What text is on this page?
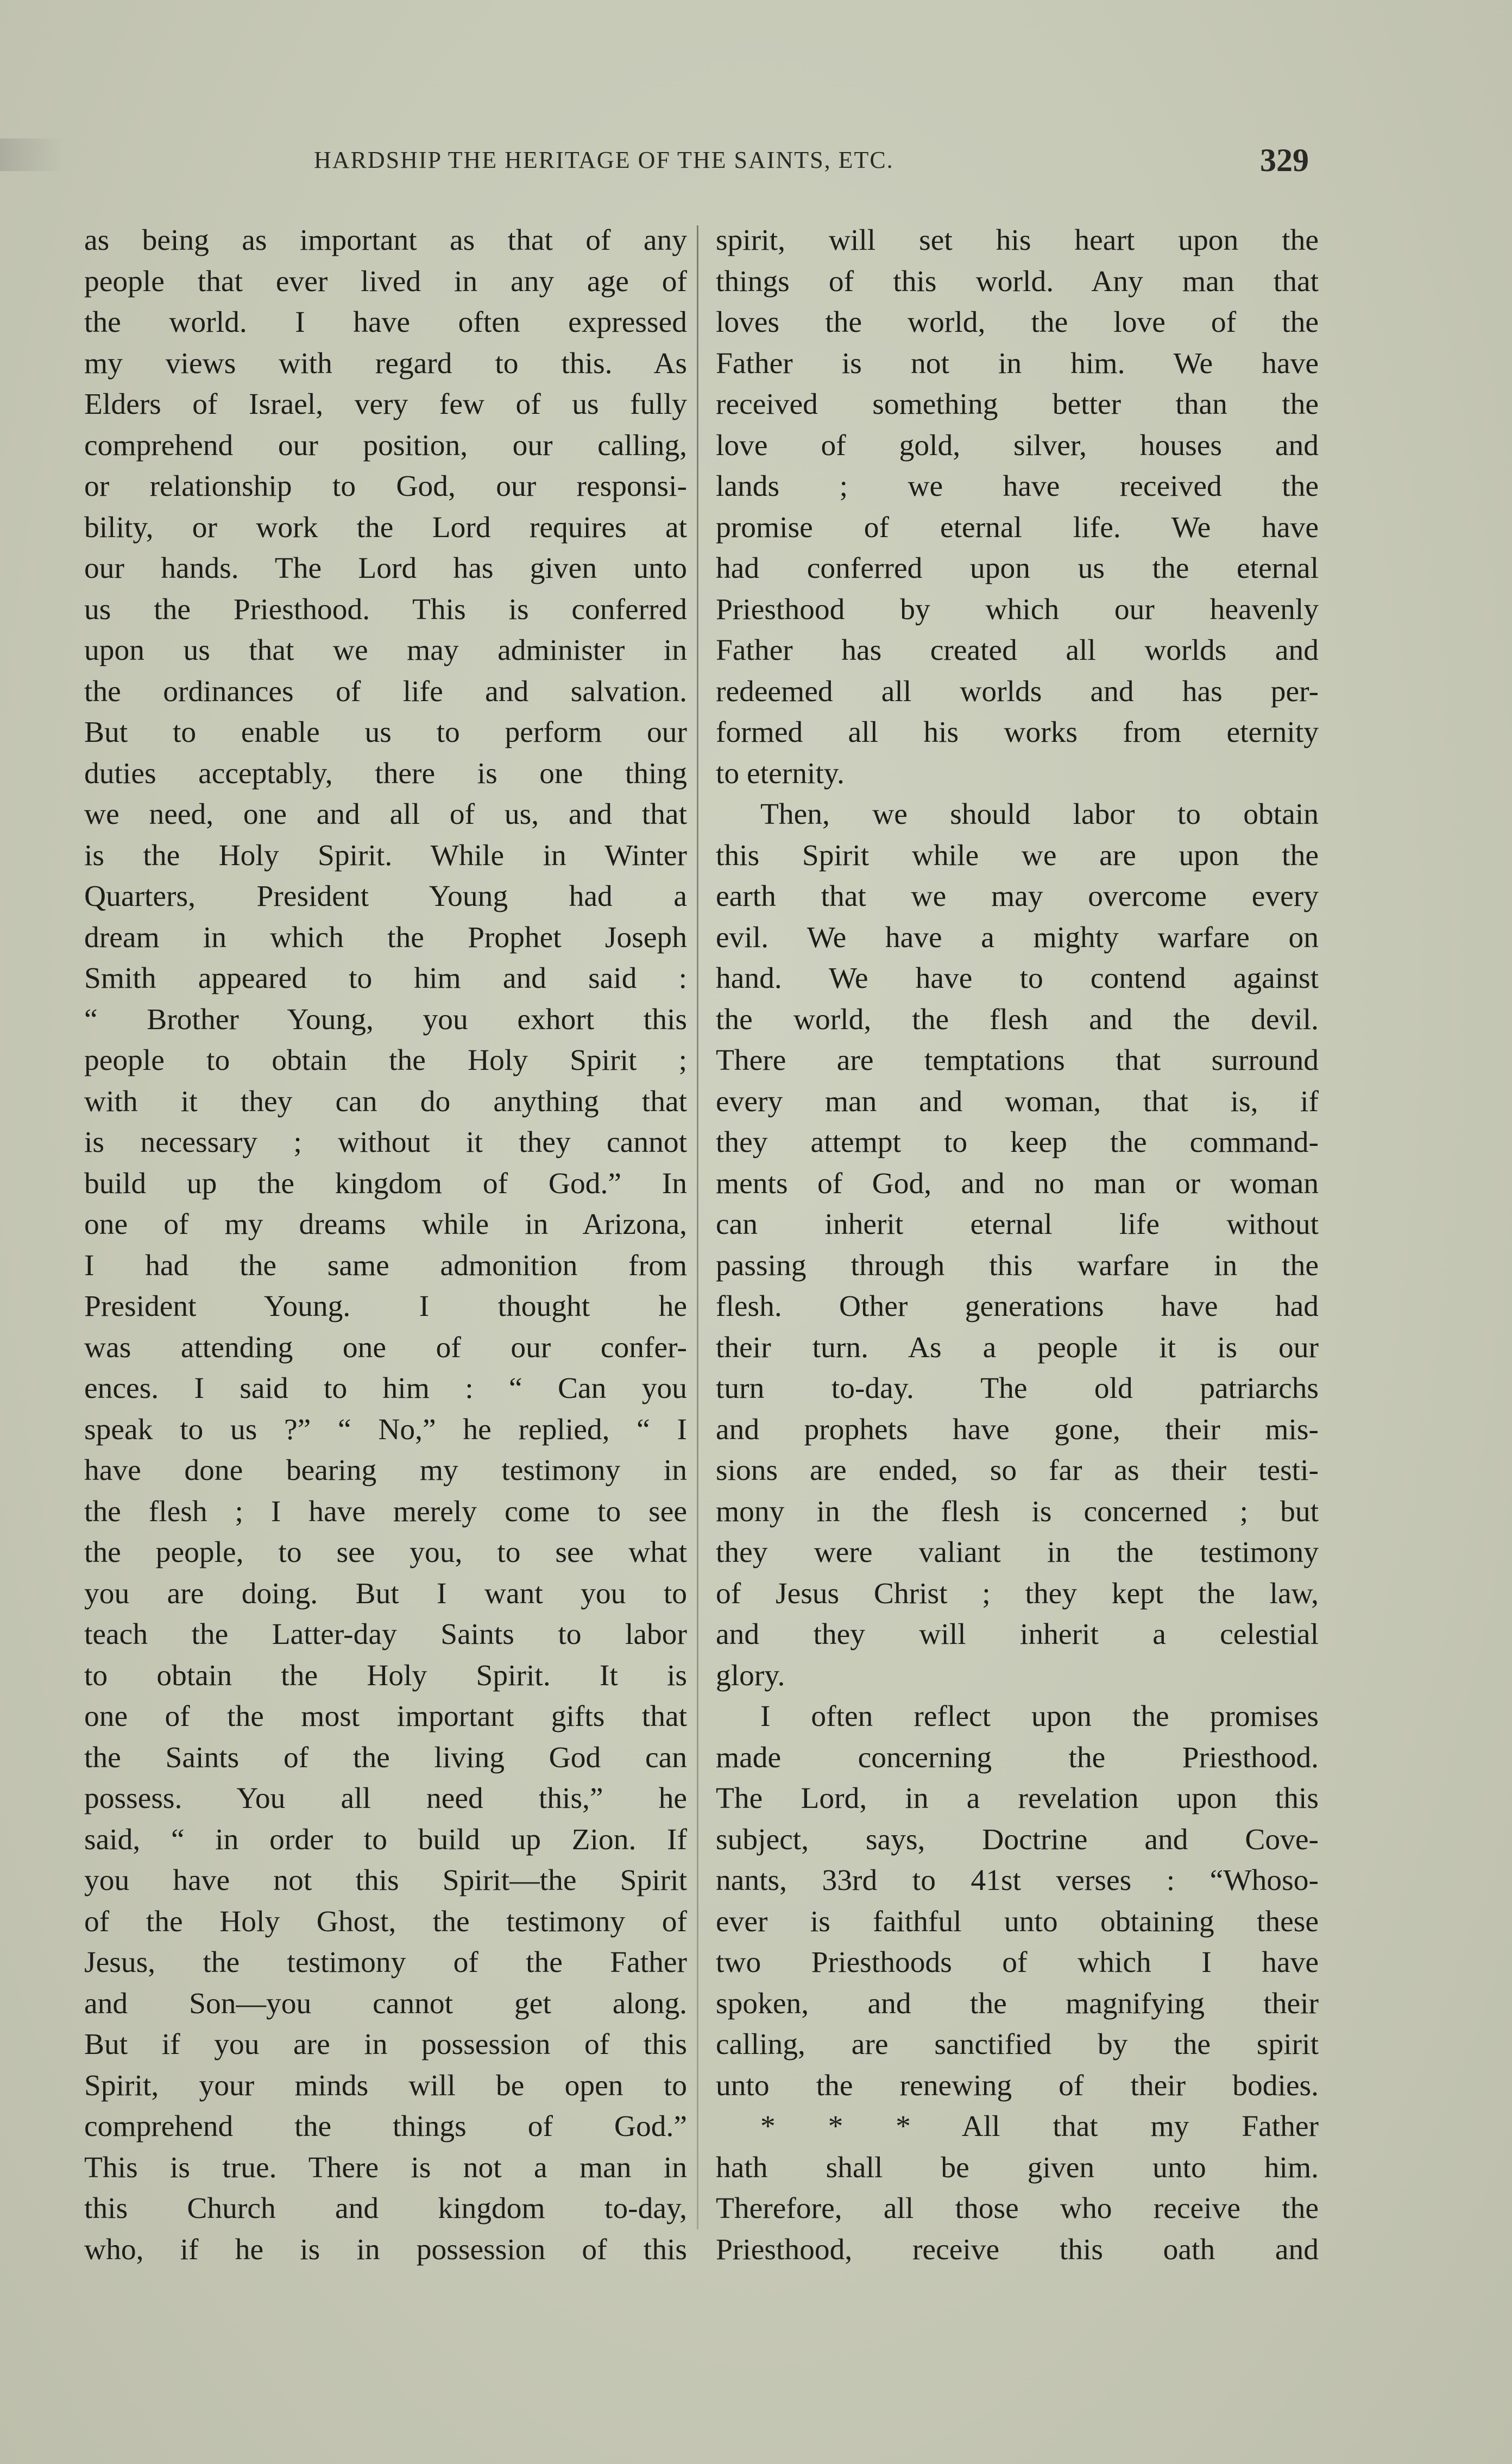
HARDSHIP THE HERITAGE OF THE SAINTS, ETC.	329
as being as important as that of any
people that ever lived in any age of
the world. I have often expressed
my views with regard to this. As
Elders of Israel, very few of us fully
comprehend our position, our calling,
or relationship to God, our responsi-
bility, or work the Lord requires at
our hands. The Lord has given unto
us the Priesthood. This is conferred
upon us that we may administer in
the ordinances of life and salvation.
But to enable us to perform our
duties acceptably, there is one thing
we need, one and all of us, and that
is the Holy Spirit. While in Winter
Quarters, President Young had a
dream in which the Prophet Joseph
Smith appeared to him and said :
“ Brother Young, you exhort this
people to obtain the Holy Spirit ;
with it they can do anything that
is necessary ; without it they cannot
build up the kingdom of God.” In
one of my dreams while in Arizona,
I had the same admonition from
President Young. I thought he
was attending one of our confer-
ences. I said to him : “ Can you
speak to us ?” “ No,” he replied, “ I
have done bearing my testimony in
the flesh ; I have merely come to see
the people, to see you, to see what
you are doing. But I want you to
teach the Latter-day Saints to labor
to obtain the Holy Spirit. It is
one of the most important gifts that
the Saints of the living God can
possess. You all need this,” he
said, “ in order to build up Zion. If
you have not this Spirit—the Spirit
of the Holy Ghost, the testimony of
Jesus, the testimony of the Father
and Son—you cannot get along.
But if you are in possession of this
Spirit, your minds will be open to
comprehend the things of God.”
This is true. There is not a man in
this Church and kingdom to-day,
who, if he is in possession of this
spirit, will set his heart upon the
things of this world. Any man that
loves the world, the love of the
Father is not in him. We have
received something better than the
love of gold, silver, houses and
lands ; we have received the
promise of eternal life. We have
had conferred upon us the eternal
Priesthood by which our heavenly
Father has created all worlds and
redeemed all worlds and has per-
formed all his works from eternity
to eternity.
Then, we should labor to obtain
this Spirit while we are upon the
earth that we may overcome every
evil. We have a mighty warfare on
hand. We have to contend against
the world, the flesh and the devil.
There are temptations that surround
every man and woman, that is, if
they attempt to keep the command-
ments of God, and no man or woman
can inherit eternal life without
passing through this warfare in the
flesh. Other generations have had
their turn. As a people it is our
turn to-day. The old patriarchs
and prophets have gone, their mis-
sions are ended, so far as their testi-
mony in the flesh is concerned ; but
they were valiant in the testimony
of Jesus Christ ; they kept the law,
and they will inherit a celestial
glory.
I often reflect upon the promises
made concerning the Priesthood.
The Lord, in a revelation upon this
subject, says, Doctrine and Cove-
nants, 33rd to 41st verses : “Whoso-
ever is faithful unto obtaining these
two Priesthoods of which I have
spoken, and the magnifying their
calling, are sanctified by the spirit
unto the renewing of their bodies.
* * * All that my Father
hath shall be given unto him.
Therefore, all those who receive the
Priesthood, receive this oath and
